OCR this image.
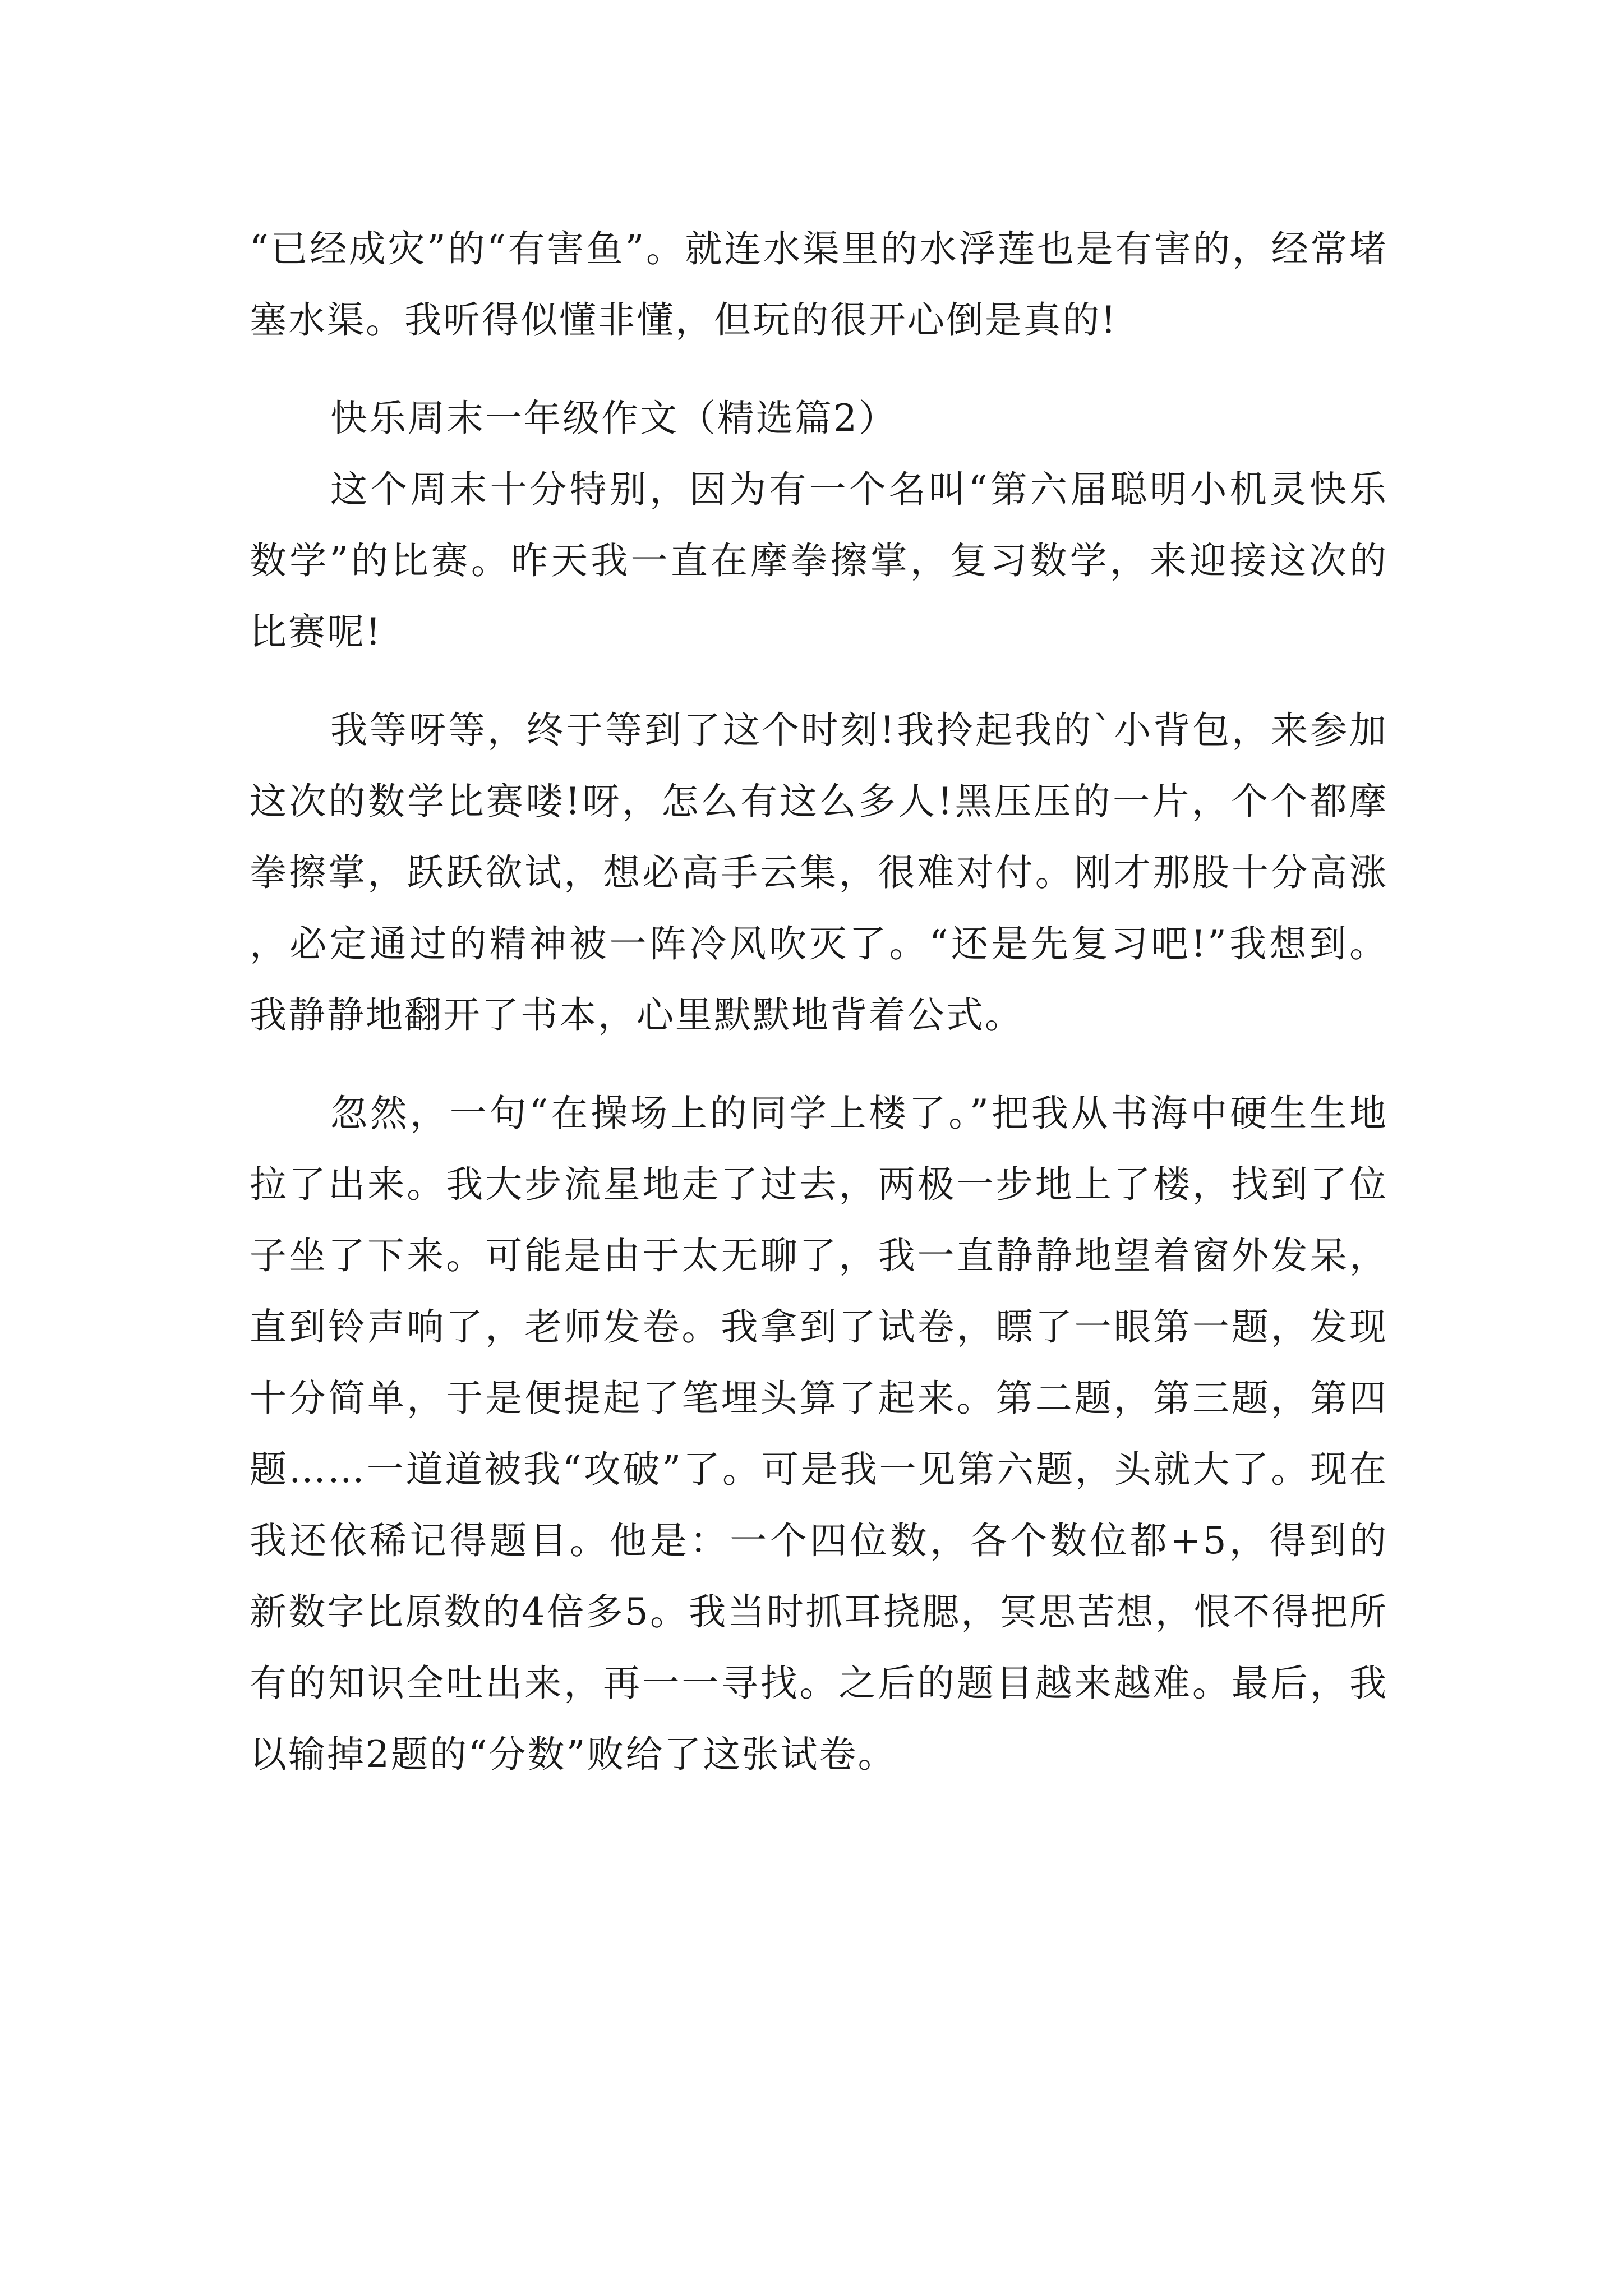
“已经成灾”的“有害鱼”。就连水渠里的水浮莲也是有害的，经常堵塞水渠。我听得似懂非懂，但玩的很开心倒是真的!

快乐周末一年级作文（精选篇2）

这个周末十分特别，因为有一个名叫“第六届聪明小机灵快乐数学”的比赛。昨天我一直在摩拳擦掌，复习数学，来迎接这次的比赛呢!

我等呀等，终于等到了这个时刻!我拎起我的`小背包，来参加这次的数学比赛喽!呀，怎么有这么多人!黑压压的一片，个个都摩拳擦掌，跃跃欲试，想必高手云集，很难对付。刚才那股十分高涨，必定通过的精神被一阵冷风吹灭了。“还是先复习吧!”我想到。我静静地翻开了书本，心里默默地背着公式。

忽然，一句“在操场上的同学上楼了。”把我从书海中硬生生地拉了出来。我大步流星地走了过去，两极一步地上了楼，找到了位子坐了下来。可能是由于太无聊了，我一直静静地望着窗外发呆，直到铃声响了，老师发卷。我拿到了试卷，瞟了一眼第一题，发现十分简单，于是便提起了笔埋头算了起来。第二题，第三题，第四题……一道道被我“攻破”了。可是我一见第六题，头就大了。现在我还依稀记得题目。他是：一个四位数，各个数位都+5，得到的新数字比原数的4倍多5。我当时抓耳挠腮，冥思苦想，恨不得把所有的知识全吐出来，再一一寻找。之后的题目越来越难。最后，我以输掉2题的“分数”败给了这张试卷。
